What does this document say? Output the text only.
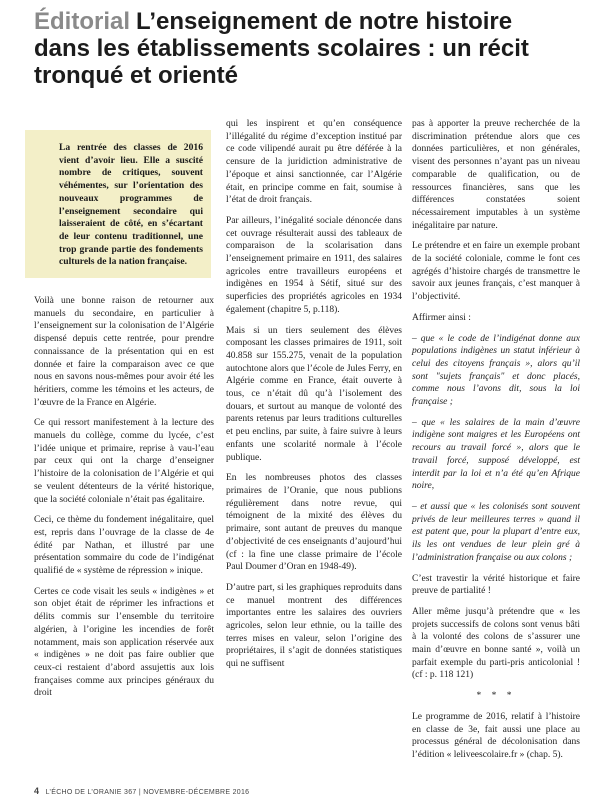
Éditorial L’enseignement de notre histoire dans les établissements scolaires : un récit tronqué et orienté
La rentrée des classes de 2016 vient d’avoir lieu. Elle a suscité nombre de critiques, souvent véhémentes, sur l’orientation des nouveaux programmes de l’enseignement secondaire qui laisseraient de côté, en s’écartant de leur contenu traditionnel, une trop grande partie des fondements culturels de la nation française.

Voilà une bonne raison de retourner aux manuels du secondaire, en particulier à l’enseignement sur la colonisation de l’Algérie dispensé depuis cette rentrée, pour prendre connaissance de la présentation qui en est donnée et faire la comparaison avec ce que nous en savons nous-mêmes pour avoir été les héritiers, comme les témoins et les acteurs, de l’œuvre de la France en Algérie.

Ce qui ressort manifestement à la lecture des manuels du collège, comme du lycée, c’est l’idée unique et primaire, reprise à vau-l’eau par ceux qui ont la charge d’enseigner l’histoire de la colonisation de l’Algérie et qui se veulent détenteurs de la vérité historique, que la société coloniale n’était pas égalitaire.

Ceci, ce thème du fondement inégalitaire, quel est, repris dans l’ouvrage de la classe de 4e édité par Nathan, et illustré par une présentation sommaire du code de l’indigénat qualifié de « système de répression » inique.

Certes ce code visait les seuls « indigènes » et son objet était de réprimer les infractions et délits commis sur l’ensemble du territoire algérien, à l’origine les incendies de forêt notamment, mais son application réservée aux « indigènes » ne doit pas faire oublier que ceux-ci restaient d’abord assujettis aux lois françaises comme aux principes généraux du droit

qui les inspirent et qu’en conséquence l’illégalité du régime d’exception institué par ce code vilipendé aurait pu être déférée à la censure de la juridiction administrative de l’époque et ainsi sanctionnée, car l’Algérie était, en principe comme en fait, soumise à l’état de droit français.

Par ailleurs, l’inégalité sociale dénoncée dans cet ouvrage résulterait aussi des tableaux de comparaison de la scolarisation dans l’enseignement primaire en 1911, des salaires agricoles entre travailleurs européens et indigènes en 1954 à Sétif, situé sur des superficies des propriétés agricoles en 1934 également (chapitre 5, p.118).

Mais si un tiers seulement des élèves composant les classes primaires de 1911, soit 40.858 sur 155.275, venait de la population autochtone alors que l’école de Jules Ferry, en Algérie comme en France, était ouverte à tous, ce n’était dû qu’à l’isolement des douars, et surtout au manque de volonté des parents retenus par leurs traditions culturelles et peu enclins, par suite, à faire suivre à leurs enfants une scolarité normale à l’école publique.

En les nombreuses photos des classes primaires de l’Oranie, que nous publions régulièrement dans notre revue, qui témoignent de la mixité des élèves du primaire, sont autant de preuves du manque d’objectivité de ces enseignants d’aujourd’hui (cf : la fine une classe primaire de l’école Paul Doumer d’Oran en 1948-49).

D’autre part, si les graphiques reproduits dans ce manuel montrent des différences importantes entre les salaires des ouvriers agricoles, selon leur ethnie, ou la taille des terres mises en valeur, selon l’origine des propriétaires, il s’agit de données statistiques qui ne suffisent

pas à apporter la preuve recherchée de la discrimination prétendue alors que ces données particulières, et non générales, visent des personnes n’ayant pas un niveau comparable de qualification, ou de ressources financières, sans que les différences constatées soient nécessairement imputables à un système inégalitaire par nature.

Le prétendre et en faire un exemple probant de la société coloniale, comme le font ces agrégés d’histoire chargés de transmettre le savoir aux jeunes français, c’est manquer à l’objectivité.

Affirmer ainsi :

– que « le code de l’indigénat donne aux populations indigènes un statut inférieur à celui des citoyens français », alors qu’il sont "sujets français" et donc placés, comme nous l’avons dit, sous la loi française ;

– que « les salaires de la main d’œuvre indigène sont maigres et les Européens ont recours au travail forcé », alors que le travail forcé, supposé développé, est interdit par la loi et n’a été qu’en Afrique noire,

– et aussi que « les colonisés sont souvent privés de leur meilleures terres » quand il est patent que, pour la plupart d’entre eux, ils les ont vendues de leur plein gré à l’administration française ou aux colons ;

C’est travestir la vérité historique et faire preuve de partialité !

Aller même jusqu’à prétendre que « les projets successifs de colons sont venus bâti à la volonté des colons de s’assurer une main d’œuvre en bonne santé », voilà un parfait exemple du parti-pris anticolonial ! (cf : p. 118 121)

* * *

Le programme de 2016, relatif à l’histoire en classe de 3e, fait aussi une place au processus général de décolonisation dans l’édition « leliveescolaire.fr » (chap. 5).

4 L’ÉCHO DE L’ORANIE 367 | NOVEMBRE-DÉCEMBRE 2016
